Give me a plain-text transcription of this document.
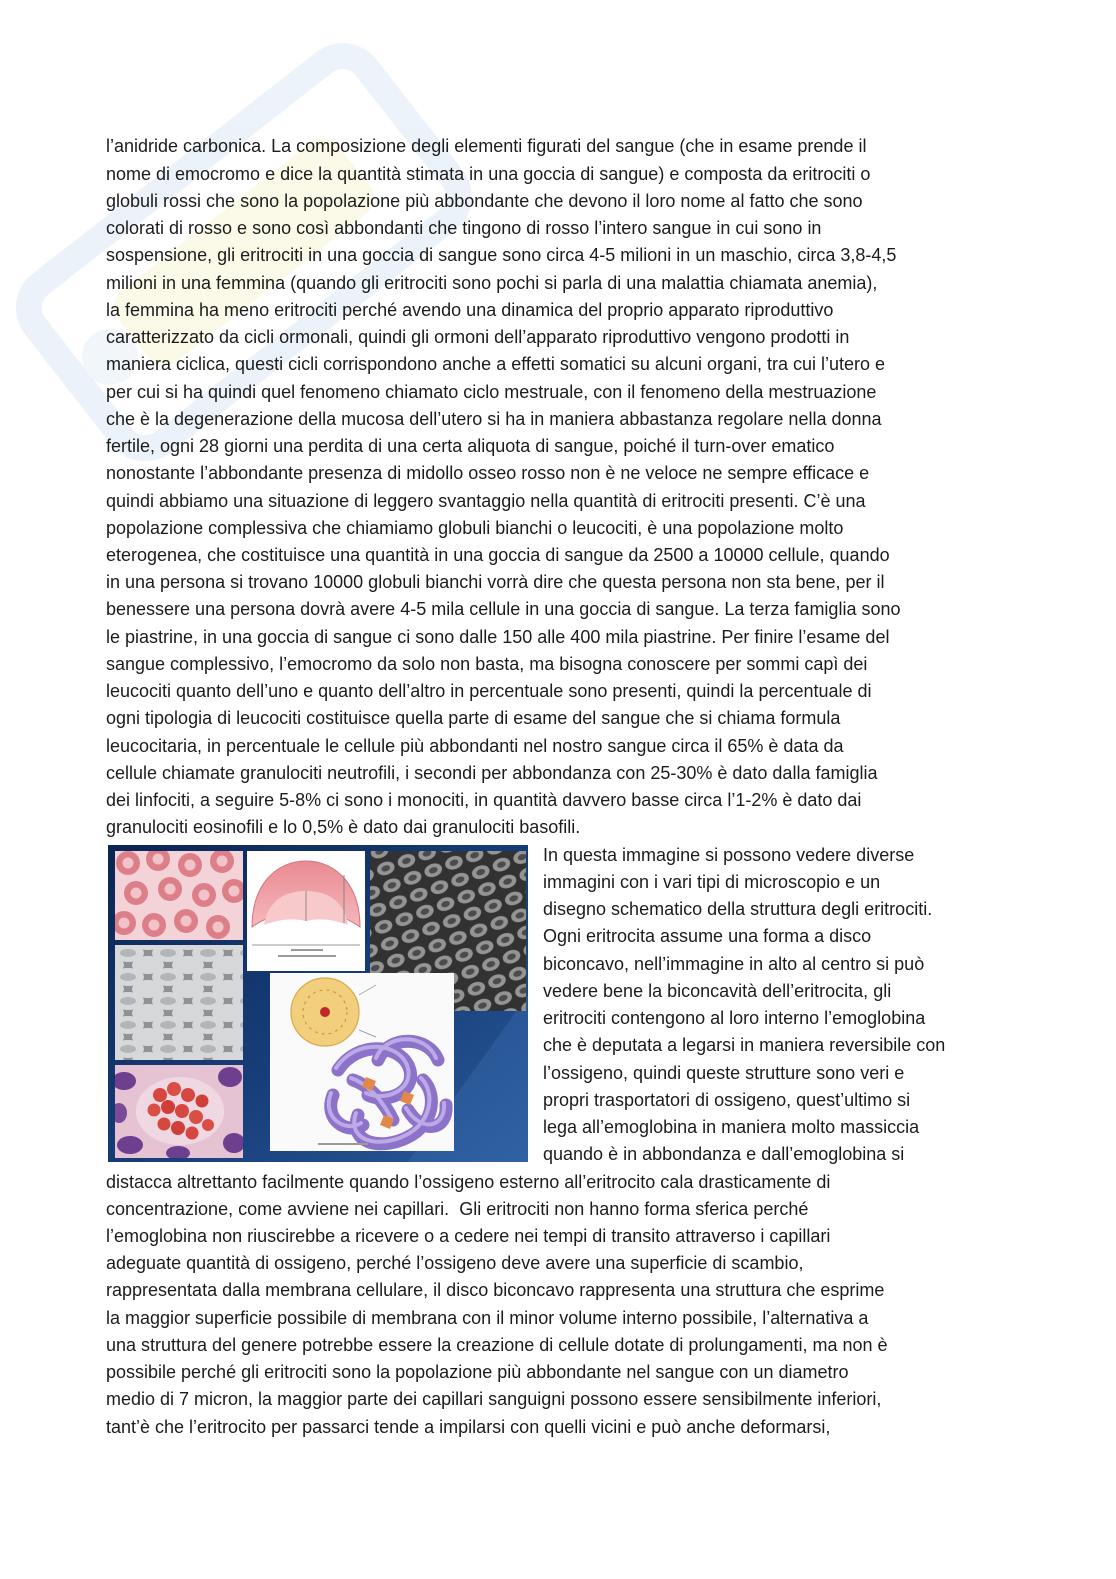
l’anidride carbonica. La composizione degli elementi figurati del sangue (che in esame prende il
nome di emocromo e dice la quantità stimata in una goccia di sangue) e composta da eritrociti o
globuli rossi che sono la popolazione più abbondante che devono il loro nome al fatto che sono
colorati di rosso e sono così abbondanti che tingono di rosso l’intero sangue in cui sono in
sospensione, gli eritrociti in una goccia di sangue sono circa 4-5 milioni in un maschio, circa 3,8-4,5
milioni in una femmina (quando gli eritrociti sono pochi si parla di una malattia chiamata anemia),
la femmina ha meno eritrociti perché avendo una dinamica del proprio apparato riproduttivo
caratterizzato da cicli ormonali, quindi gli ormoni dell’apparato riproduttivo vengono prodotti in
maniera ciclica, questi cicli corrispondono anche a effetti somatici su alcuni organi, tra cui l’utero e
per cui si ha quindi quel fenomeno chiamato ciclo mestruale, con il fenomeno della mestruazione
che è la degenerazione della mucosa dell’utero si ha in maniera abbastanza regolare nella donna
fertile, ogni 28 giorni una perdita di una certa aliquota di sangue, poiché il turn-over ematico
nonostante l’abbondante presenza di midollo osseo rosso non è ne veloce ne sempre efficace e
quindi abbiamo una situazione di leggero svantaggio nella quantità di eritrociti presenti. C’è una
popolazione complessiva che chiamiamo globuli bianchi o leucociti, è una popolazione molto
eterogenea, che costituisce una quantità in una goccia di sangue da 2500 a 10000 cellule, quando
in una persona si trovano 10000 globuli bianchi vorrà dire che questa persona non sta bene, per il
benessere una persona dovrà avere 4-5 mila cellule in una goccia di sangue. La terza famiglia sono
le piastrine, in una goccia di sangue ci sono dalle 150 alle 400 mila piastrine. Per finire l’esame del
sangue complessivo, l’emocromo da solo non basta, ma bisogna conoscere per sommi capì dei
leucociti quanto dell’uno e quanto dell’altro in percentuale sono presenti, quindi la percentuale di
ogni tipologia di leucociti costituisce quella parte di esame del sangue che si chiama formula
leucocitaria, in percentuale le cellule più abbondanti nel nostro sangue circa il 65% è data da
cellule chiamate granulociti neutrofili, i secondi per abbondanza con 25-30% è dato dalla famiglia
dei linfociti, a seguire 5-8% ci sono i monociti, in quantità davvero basse circa l’1-2% è dato dai
granulociti eosinofili e lo 0,5% è dato dai granulociti basofili.
In questa immagine si possono vedere diverse
immagini con i vari tipi di microscopio e un
disegno schematico della struttura degli eritrociti.
Ogni eritrocita assume una forma a disco
biconcavo, nell’immagine in alto al centro si può
vedere bene la biconcavità dell’eritrocita, gli
eritrociti contengono al loro interno l’emoglobina
che è deputata a legarsi in maniera reversibile con
l’ossigeno, quindi queste strutture sono veri e
propri trasportatori di ossigeno, quest’ultimo si
lega all’emoglobina in maniera molto massiccia
quando è in abbondanza e dall’emoglobina si
distacca altrettanto facilmente quando l’ossigeno esterno all’eritrocito cala drasticamente di
concentrazione, come avviene nei capillari.  Gli eritrociti non hanno forma sferica perché
l’emoglobina non riuscirebbe a ricevere o a cedere nei tempi di transito attraverso i capillari
adeguate quantità di ossigeno, perché l’ossigeno deve avere una superficie di scambio,
rappresentata dalla membrana cellulare, il disco biconcavo rappresenta una struttura che esprime
la maggior superficie possibile di membrana con il minor volume interno possibile, l’alternativa a
una struttura del genere potrebbe essere la creazione di cellule dotate di prolungamenti, ma non è
possibile perché gli eritrociti sono la popolazione più abbondante nel sangue con un diametro
medio di 7 micron, la maggior parte dei capillari sanguigni possono essere sensibilmente inferiori,
tant’è che l’eritrocito per passarci tende a impilarsi con quelli vicini e può anche deformarsi,
